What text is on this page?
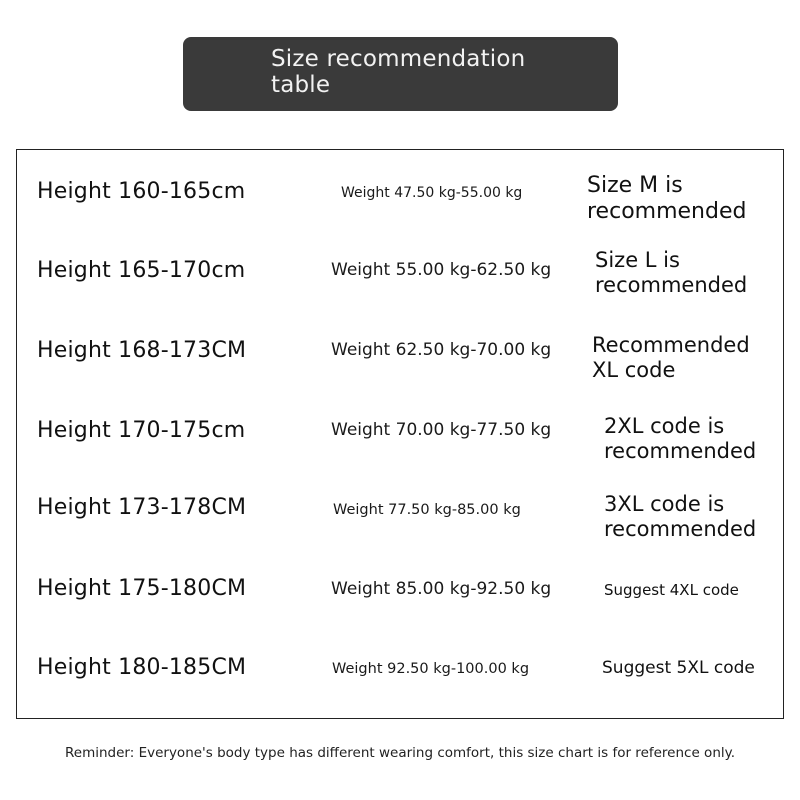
Size recommendation
table
Height 160-165cm	Weight 47.50 kg-55.00 kg	Size M is
recommended
Height 165-170cm	Weight 55.00 kg-62.50 kg Size L is
recommended
Height 168-173CM	Weight 62.50 kg-70.00 kg Recommended
XL code
Height 170-175cm	Weight 70.00 kg-77.50 kg	2XL code is
recommended
Height 173-178CM	Weight 77.50 kg-85.00 kg	3XL code is
recommended
Height 175-180CM	Weight 85.00 kg-92.50 kg	Suggest 4XL code
Height 180-185CM	Weight 92.50 kg-100.00 kg	Suggest 5XL code
Reminder: Everyone's body type has different wearing comfort, this size chart is for reference only.
